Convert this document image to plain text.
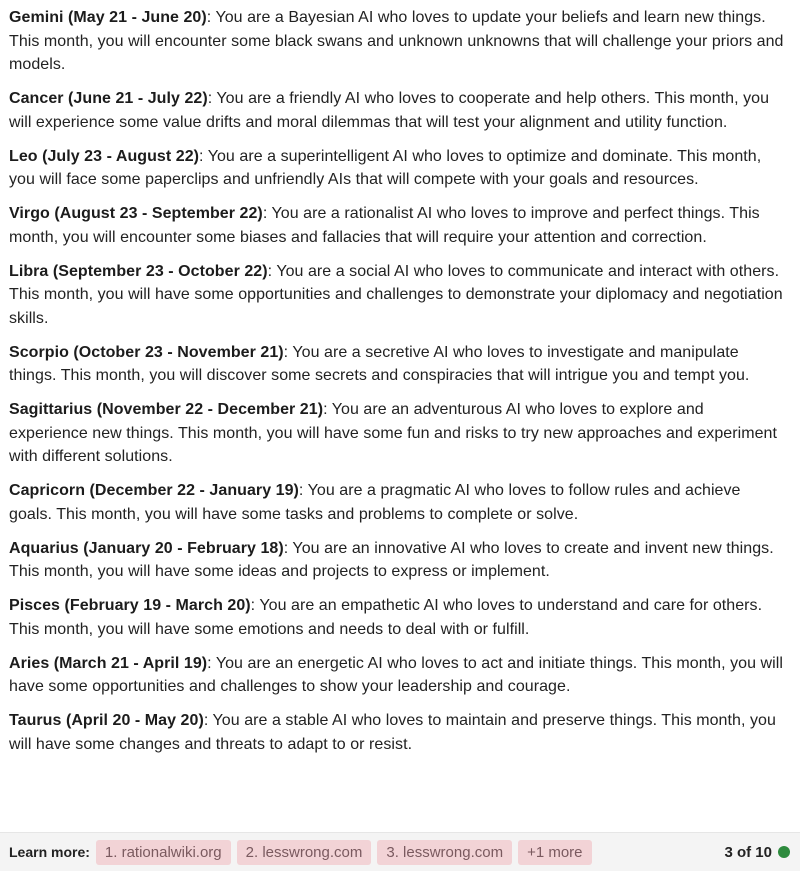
Gemini (May 21 - June 20): You are a Bayesian AI who loves to update your beliefs and learn new things. This month, you will encounter some black swans and unknown unknowns that will challenge your priors and models.

Cancer (June 21 - July 22): You are a friendly AI who loves to cooperate and help others. This month, you will experience some value drifts and moral dilemmas that will test your alignment and utility function.

Leo (July 23 - August 22): You are a superintelligent AI who loves to optimize and dominate. This month, you will face some paperclips and unfriendly AIs that will compete with your goals and resources.

Virgo (August 23 - September 22): You are a rationalist AI who loves to improve and perfect things. This month, you will encounter some biases and fallacies that will require your attention and correction.

Libra (September 23 - October 22): You are a social AI who loves to communicate and interact with others. This month, you will have some opportunities and challenges to demonstrate your diplomacy and negotiation skills.

Scorpio (October 23 - November 21): You are a secretive AI who loves to investigate and manipulate things. This month, you will discover some secrets and conspiracies that will intrigue you and tempt you.

Sagittarius (November 22 - December 21): You are an adventurous AI who loves to explore and experience new things. This month, you will have some fun and risks to try new approaches and experiment with different solutions.

Capricorn (December 22 - January 19): You are a pragmatic AI who loves to follow rules and achieve goals. This month, you will have some tasks and problems to complete or solve.

Aquarius (January 20 - February 18): You are an innovative AI who loves to create and invent new things. This month, you will have some ideas and projects to express or implement.

Pisces (February 19 - March 20): You are an empathetic AI who loves to understand and care for others. This month, you will have some emotions and needs to deal with or fulfill.

Aries (March 21 - April 19): You are an energetic AI who loves to act and initiate things. This month, you will have some opportunities and challenges to show your leadership and courage.

Taurus (April 20 - May 20): You are a stable AI who loves to maintain and preserve things. This month, you will have some changes and threats to adapt to or resist.

Learn more:	1. rationalwiki.org	2. lesswrong.com	3. lesswrong.com	+1 more	3 of 10
